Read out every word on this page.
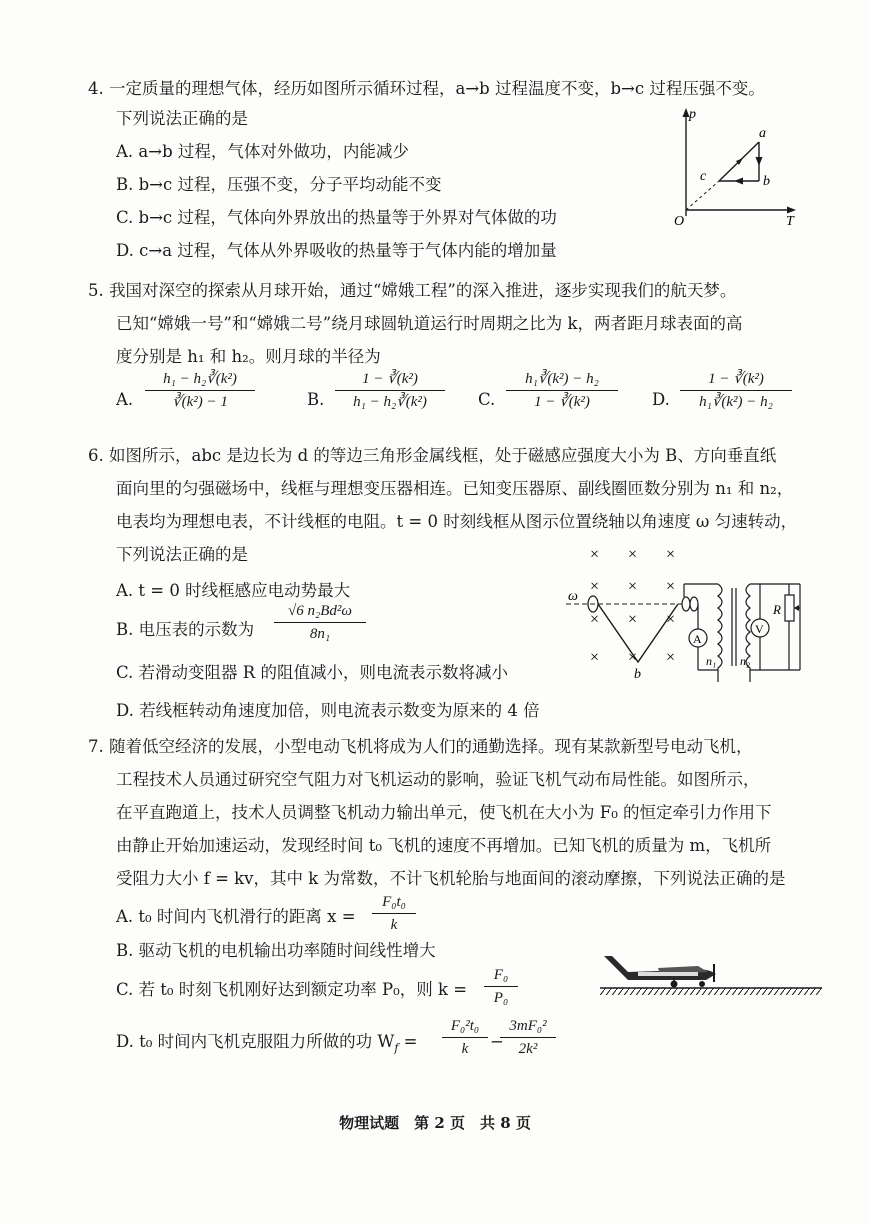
4. 一定质量的理想气体，经历如图所示循环过程，a→b 过程温度不变，b→c 过程压强不变。
下列说法正确的是
A. a→b 过程，气体对外做功，内能减少
B. b→c 过程，压强不变，分子平均动能不变
C. b→c 过程，气体向外界放出的热量等于外界对气体做的功
D. c→a 过程，气体从外界吸收的热量等于气体内能的增加量
p
T
O
a
b
c
5. 我国对深空的探索从月球开始，通过“嫦娥工程”的深入推进，逐步实现我们的航天梦。
已知“嫦娥一号”和“嫦娥二号”绕月球圆轨道运行时周期之比为 k，两者距月球表面的高
度分别是 h₁ 和 h₂。则月球的半径为
A. $\frac{\text{h₁ − h₂∛(k²)}}{\text{∛(k²) − 1}}$	B. $\frac{\text{1 − ∛(k²)}}{\text{h₁ − h₂∛(k²)}} C$. $\frac{\text{h₁∛(k²) − h₂}}{\text{1 − ∛(k²)}} D$. $\frac{\text{1 − ∛(k²)}}{\text{h₁∛(k²) − h₂}}$
6. 如图所示，abc 是边长为 d 的等边三角形金属线框，处于磁感应强度大小为 B、方向垂直纸
面向里的匀强磁场中，线框与理想变压器相连。已知变压器原、副线圈匝数分别为 n₁ 和 n₂，
电表均为理想电表，不计线框的电阻。t = 0 时刻线框从图示位置绕轴以角速度 ω 匀速转动，
下列说法正确的是
A. t = 0 时线框感应电动势最大
B. 电压表的示数为 $\frac{\text{√6 n₂Bd²ω}}{\text{8n₁}}$
C. 若滑动变阻器 R 的阻值减小，则电流表示数将减小
D. 若线框转动角速度加倍，则电流表示数变为原来的 4 倍
× × ×
× × ×
× × ×
× × ×
ω
b
A
n₁ n₂
V
R
7. 随着低空经济的发展，小型电动飞机将成为人们的通勤选择。现有某款新型号电动飞机，
工程技术人员通过研究空气阻力对飞机运动的影响，验证飞机气动布局性能。如图所示，
在平直跑道上，技术人员调整飞机动力输出单元，使飞机在大小为 F₀ 的恒定牵引力作用下
由静止开始加速运动，发现经时间 t₀ 飞机的速度不再增加。已知飞机的质量为 m，飞机所
受阻力大小 f = kv，其中 k 为常数，不计飞机轮胎与地面间的滚动摩擦，下列说法正确的是
A. t₀ 时间内飞机滑行的距离 $x = \frac{\text{F₀t₀}}{k}$
B. 驱动飞机的电机输出功率随时间线性增大
C. 若 t₀ 时刻飞机刚好达到额定功率 P₀，则 $k = \frac{\text{F₀}}{\text{P₀}}$
D. t₀ 时间内飞机克服阻力所做的功 $W_f = \frac{\text{F₀²t₀}}{k}$ −
$\frac{\text{3mF₀²}}{\text{2k²}}$
物理试题　第 2 页　共 8 页
